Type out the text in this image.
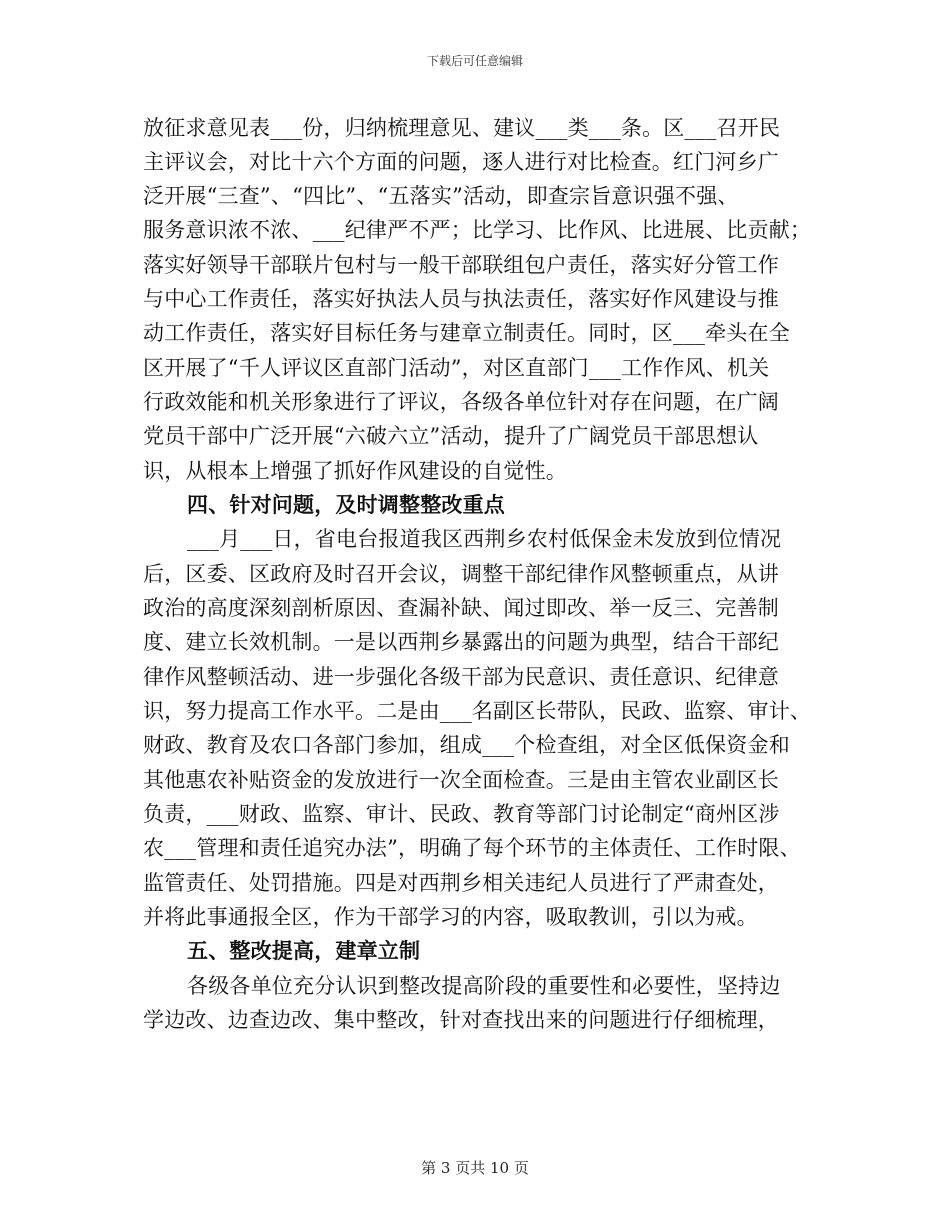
下载后可任意编辑
放征求意见表___份，归纳梳理意见、建议___类___条。区___召开民
主评议会，对比十六个方面的问题，逐人进行对比检查。红门河乡广
泛开展“三查”、“四比”、“五落实”活动，即查宗旨意识强不强、
服务意识浓不浓、___纪律严不严；比学习、比作风、比进展、比贡献；
落实好领导干部联片包村与一般干部联组包户责任，落实好分管工作
与中心工作责任，落实好执法人员与执法责任，落实好作风建设与推
动工作责任，落实好目标任务与建章立制责任。同时，区___牵头在全
区开展了“千人评议区直部门活动”，对区直部门___工作作风、机关
行政效能和机关形象进行了评议，各级各单位针对存在问题，在广阔
党员干部中广泛开展“六破六立”活动，提升了广阔党员干部思想认
识，从根本上增强了抓好作风建设的自觉性。
四、针对问题，及时调整整改重点
___月___日，省电台报道我区西荆乡农村低保金未发放到位情况
后，区委、区政府及时召开会议，调整干部纪律作风整顿重点，从讲
政治的高度深刻剖析原因、查漏补缺、闻过即改、举一反三、完善制
度、建立长效机制。一是以西荆乡暴露出的问题为典型，结合干部纪
律作风整顿活动、进一步强化各级干部为民意识、责任意识、纪律意
识，努力提高工作水平。二是由___名副区长带队，民政、监察、审计、
财政、教育及农口各部门参加，组成___个检查组，对全区低保资金和
其他惠农补贴资金的发放进行一次全面检查。三是由主管农业副区长
负责，___财政、监察、审计、民政、教育等部门讨论制定“商州区涉
农___管理和责任追究办法”，明确了每个环节的主体责任、工作时限、
监管责任、处罚措施。四是对西荆乡相关违纪人员进行了严肃查处，
并将此事通报全区，作为干部学习的内容，吸取教训，引以为戒。
五、整改提高，建章立制
各级各单位充分认识到整改提高阶段的重要性和必要性，坚持边
学边改、边查边改、集中整改，针对查找出来的问题进行仔细梳理，
第 3 页共 10 页
